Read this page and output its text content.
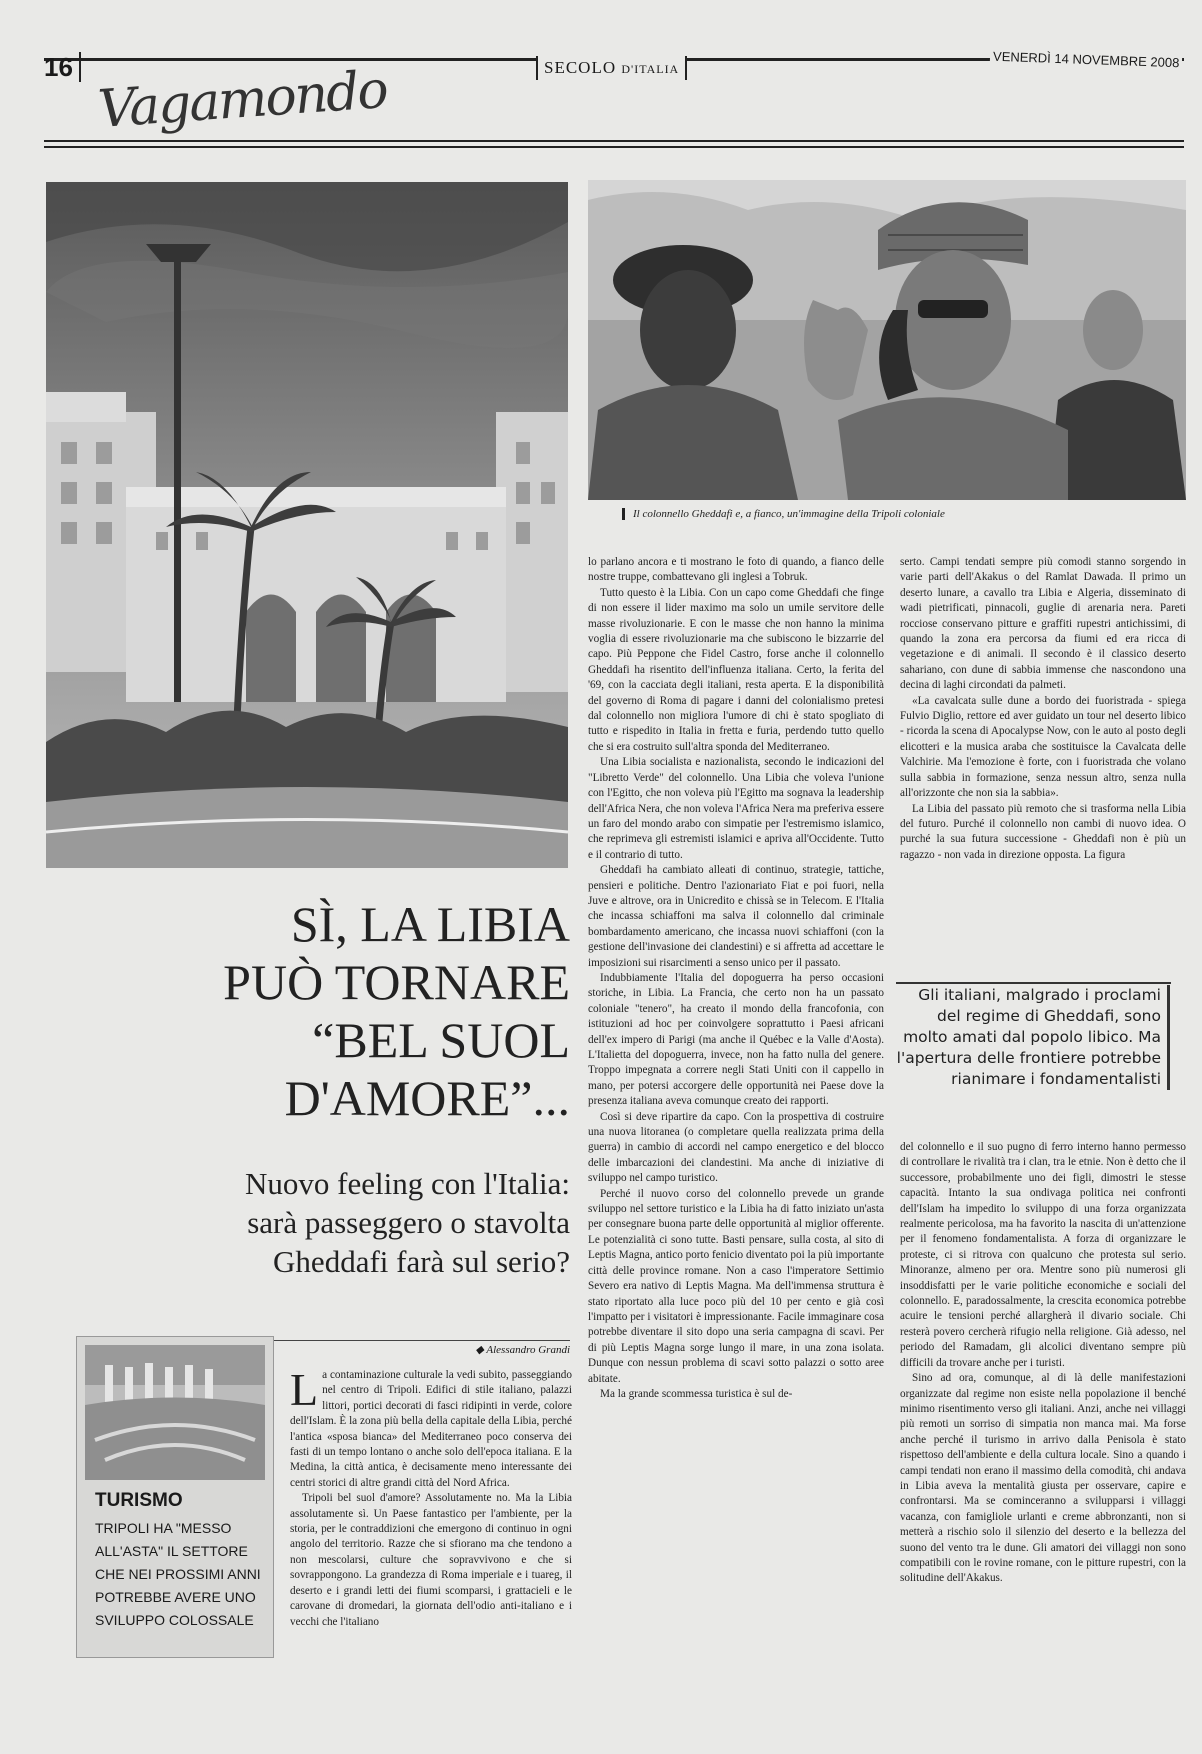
16	SECOLO D'ITALIA	VENERDÌ 14 NOVEMBRE 2008
Vagamondo
Il colonnello Gheddafi e, a fianco, un'immagine della Tripoli coloniale
SÌ, LA LIBIA
PUÒ TORNARE
“BEL SUOL
D'AMORE”...
Nuovo feeling con l'Italia:
sarà passeggero o stavolta
Gheddafi farà sul serio?
◆ Alessandro Grandi
TURISMO
TRIPOLI HA "MESSO ALL'ASTA" IL SETTORE CHE NEI PROSSIMI ANNI POTREBBE AVERE UNO SVILUPPO COLOSSALE
L a contaminazione culturale la vedi subito, passeggiando nel centro di Tripoli. Edifici di stile italiano, palazzi littori, portici decorati di fasci ridipinti in verde, colore dell'Islam. È la zona più bella della capitale della Libia, perché l'antica «sposa bianca» del Mediterraneo poco conserva dei fasti di un tempo lontano o anche solo dell'epoca italiana. E la Medina, la città antica, è decisamente meno interessante dei centri storici di altre grandi città del Nord Africa.

Tripoli bel suol d'amore? Assolutamente no. Ma la Libia assolutamente sì. Un Paese fantastico per l'ambiente, per la storia, per le contraddizioni che emergono di continuo in ogni angolo del territorio. Razze che si sfiorano ma che tendono a non mescolarsi, culture che sopravvivono e che si sovrappongono. La grandezza di Roma imperiale e i tuareg, il deserto e i grandi letti dei fiumi scomparsi, i grattacieli e le carovane di dromedari, la giornata dell'odio anti-italiano e i vecchi che l'italiano

lo parlano ancora e ti mostrano le foto di quando, a fianco delle nostre truppe, combattevano gli inglesi a Tobruk.

Tutto questo è la Libia. Con un capo come Gheddafi che finge di non essere il lider maximo ma solo un umile servitore delle masse rivoluzionarie. E con le masse che non hanno la minima voglia di essere rivoluzionarie ma che subiscono le bizzarrie del capo. Più Peppone che Fidel Castro, forse anche il colonnello Gheddafi ha risentito dell'influenza italiana. Certo, la ferita del '69, con la cacciata degli italiani, resta aperta. E la disponibilità del governo di Roma di pagare i danni del colonialismo pretesi dal colonnello non migliora l'umore di chi è stato spogliato di tutto e rispedito in Italia in fretta e furia, perdendo tutto quello che si era costruito sull'altra sponda del Mediterraneo.

Una Libia socialista e nazionalista, secondo le indicazioni del "Libretto Verde" del colonnello. Una Libia che voleva l'unione con l'Egitto, che non voleva più l'Egitto ma sognava la leadership dell'Africa Nera, che non voleva l'Africa Nera ma preferiva essere un faro del mondo arabo con simpatie per l'estremismo islamico, che reprimeva gli estremisti islamici e apriva all'Occidente. Tutto e il contrario di tutto.

Gheddafi ha cambiato alleati di continuo, strategie, tattiche, pensieri e politiche. Dentro l'azionariato Fiat e poi fuori, nella Juve e altrove, ora in Unicredito e chissà se in Telecom. E l'Italia che incassa schiaffoni ma salva il colonnello dal criminale bombardamento americano, che incassa nuovi schiaffoni (con la gestione dell'invasione dei clandestini) e si affretta ad accettare le imposizioni sui risarcimenti a senso unico per il passato.

Indubbiamente l'Italia del dopoguerra ha perso occasioni storiche, in Libia. La Francia, che certo non ha un passato coloniale "tenero", ha creato il mondo della francofonia, con istituzioni ad hoc per coinvolgere soprattutto i Paesi africani dell'ex impero di Parigi (ma anche il Québec e la Valle d'Aosta). L'Italietta del dopoguerra, invece, non ha fatto nulla del genere. Troppo impegnata a correre negli Stati Uniti con il cappello in mano, per potersi accorgere delle opportunità nei Paese dove la presenza italiana aveva comunque creato dei rapporti.

Così si deve ripartire da capo. Con la prospettiva di costruire una nuova litoranea (o completare quella realizzata prima della guerra) in cambio di accordi nel campo energetico e del blocco delle imbarcazioni dei clandestini. Ma anche di iniziative di sviluppo nel campo turistico.

Perché il nuovo corso del colonnello prevede un grande sviluppo nel settore turistico e la Libia ha di fatto iniziato un'asta per consegnare buona parte delle opportunità al miglior offerente. Le potenzialità ci sono tutte. Basti pensare, sulla costa, al sito di Leptis Magna, antico porto fenicio diventato poi la più importante città delle province romane. Non a caso l'imperatore Settimio Severo era nativo di Leptis Magna. Ma dell'immensa struttura è stato riportato alla luce poco più del 10 per cento e già così l'impatto per i visitatori è impressionante. Facile immaginare cosa potrebbe diventare il sito dopo una seria campagna di scavi. Per di più Leptis Magna sorge lungo il mare, in una zona isolata. Dunque con nessun problema di scavi sotto palazzi o sotto aree abitate.

Ma la grande scommessa turistica è sul de-

serto. Campi tendati sempre più comodi stanno sorgendo in varie parti dell'Akakus o del Ramlat Dawada. Il primo un deserto lunare, a cavallo tra Libia e Algeria, disseminato di wadi pietrificati, pinnacoli, guglie di arenaria nera. Pareti rocciose conservano pitture e graffiti rupestri antichissimi, di quando la zona era percorsa da fiumi ed era ricca di vegetazione e di animali. Il secondo è il classico deserto sahariano, con dune di sabbia immense che nascondono una decina di laghi circondati da palmeti.

«La cavalcata sulle dune a bordo dei fuoristrada - spiega Fulvio Diglio, rettore ed aver guidato un tour nel deserto libico - ricorda la scena di Apocalypse Now, con le auto al posto degli elicotteri e la musica araba che sostituisce la Cavalcata delle Valchirie. Ma l'emozione è forte, con i fuoristrada che volano sulla sabbia in formazione, senza nessun altro, senza nulla all'orizzonte che non sia la sabbia».

La Libia del passato più remoto che si trasforma nella Libia del futuro. Purché il colonnello non cambi di nuovo idea. O purché la sua futura successione - Gheddafi non è più un ragazzo - non vada in direzione opposta. La figura

Gli italiani, malgrado i proclami del regime di Gheddafi, sono molto amati dal popolo libico. Ma l'apertura delle frontiere potrebbe rianimare i fondamentalisti

del colonnello e il suo pugno di ferro interno hanno permesso di controllare le rivalità tra i clan, tra le etnie. Non è detto che il successore, probabilmente uno dei figli, dimostri le stesse capacità. Intanto la sua ondivaga politica nei confronti dell'Islam ha impedito lo sviluppo di una forza organizzata realmente pericolosa, ma ha favorito la nascita di un'attenzione per il fenomeno fondamentalista. A forza di organizzare le proteste, ci si ritrova con qualcuno che protesta sul serio. Minoranze, almeno per ora. Mentre sono più numerosi gli insoddisfatti per le varie politiche economiche e sociali del colonnello. E, paradossalmente, la crescita economica potrebbe acuire le tensioni perché allargherà il divario sociale. Chi resterà povero cercherà rifugio nella religione. Già adesso, nel periodo del Ramadam, gli alcolici diventano sempre più difficili da trovare anche per i turisti.

Sino ad ora, comunque, al di là delle manifestazioni organizzate dal regime non esiste nella popolazione il benché minimo risentimento verso gli italiani. Anzi, anche nei villaggi più remoti un sorriso di simpatia non manca mai. Ma forse anche perché il turismo in arrivo dalla Penisola è stato rispettoso dell'ambiente e della cultura locale. Sino a quando i campi tendati non erano il massimo della comodità, chi andava in Libia aveva la mentalità giusta per osservare, capire e confrontarsi. Ma se cominceranno a svilupparsi i villaggi vacanza, con famigliole urlanti e creme abbronzanti, non si metterà a rischio solo il silenzio del deserto e la bellezza del suono del vento tra le dune. Gli amatori dei villaggi non sono compatibili con le rovine romane, con le pitture rupestri, con la solitudine dell'Akakus.
